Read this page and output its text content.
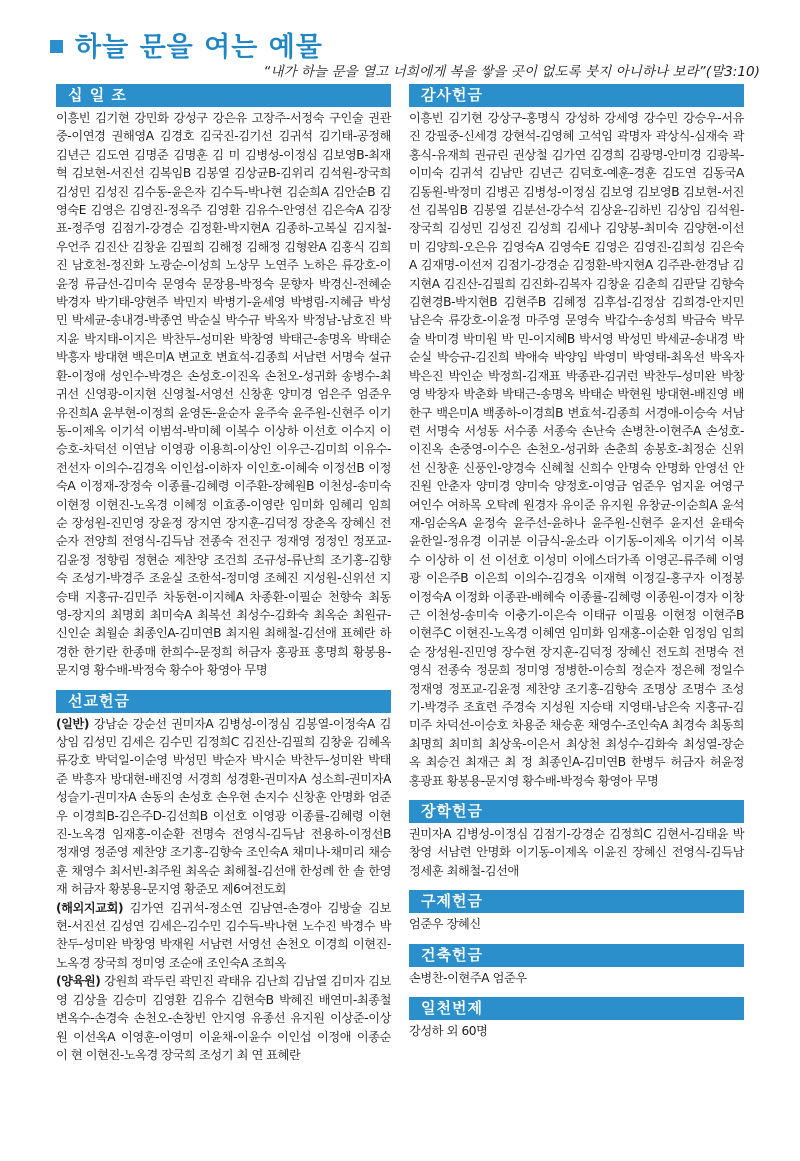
하늘 문을 여는 예물
“내가 하늘 문을 열고 너희에게 복을 쌓을 곳이 없도록 붓지 아니하나 보라”(말3:10)
십 일 조
이흥빈 김기현 강민화 강성구 강은유 고장주-서정숙 구인술 권관중-이연경 권해영A 김경호 김국진-김기선 김귀석 김기태-공정해 김년근 김도연 김명준 김명훈 김 미 김병성-이정심 김보영B-최재혁 김보현-서진선 김복임B 김봉열 김상균B-김위리 김석원-장국희 김성민 김성진 김수동-윤은자 김수득-박나현 김순희A 김안순B 김영숙E 김영은 김영진-정옥주 김영환 김유수-안영선 김은숙A 김장표-정주영 김점기-강경순 김정환-박지현A 김종하-고복실 김지철-우언주 김진산 김창윤 김필희 김해정 김해정 김형완A 김홍식 김희진 남호천-정진화 노광순-이성희 노상무 노연주 노하은 류강호-이윤정 류금선-김미숙 문영숙 문장용-박정숙 문향자 박경신-전혜순 박경자 박기태-양현주 박민지 박병기-윤세영 박병림-지혜금 박성민 박세균-송내경-박종연 박순실 박수규 박옥자 박정남-남호진 박지윤 박지태-이지은 박찬두-성미완 박창영 박태근-송명옥 박태순 박흥자 방대현 백은미A 변교호 변효석-김종희 서남련 서명숙 설규환-이정애 성인수-박경은 손성호-이진옥 손천오-성귀화 송병수-최귀선 신영광-이지현 신영철-서영선 신창훈 양미경 엄은주 엄준우 유진희A 윤부현-이정희 윤영돈-윤순자 윤주숙 윤주원-신현주 이기동-이제옥 이기석 이범석-박미혜 이복수 이상하 이선호 이수지 이승호-차덕선 이연남 이영광 이용희-이상인 이우근-김미희 이유수-전선자 이의수-김경옥 이인섭-이하자 이인호-이혜숙 이정선B 이정숙A 이정재-장정숙 이종률-김혜령 이주환-장혜원B 이천성-송미숙 이현정 이현진-노옥경 이혜정 이효종-이영란 임미화 임혜리 임희순 장성원-진민영 장윤정 장지연 장지훈-김덕정 장춘옥 장혜신 전순자 전양희 전영식-김득남 전종숙 전진구 정재영 정정인 정포교-김윤정 정향림 정현순 제찬양 조건희 조규성-류난희 조기홍-김향숙 조성기-박경주 조윤실 조한석-정미영 조혜진 지성원-신위선 지승태 지홍규-김민주 차동현-이지혜A 차종환-이필순 천향숙 최동영-장지의 최명회 최미숙A 최복선 최성수-김화숙 최옥순 최원규-신인순 최월순 최종인A-김미연B 최지원 최해철-김선애 표혜란 하경한 한기란 한종매 한희수-문정희 허금자 홍광표 홍명희 황봉용-문지영 황수배-박정숙 황수아 황영아 무명
선교헌금
(일반) 강남순 강순선 권미자A 김병성-이정심 김봉열-이정숙A 김상임 김성민 김세은 김수민 김정희C 김진산-김필희 김창윤 김혜옥 류강호 박덕일-이순영 박성민 박순자 박시순 박찬두-성미완 박태준 박흥자 방대현-배진영 서경희 성경환-권미자A 성소희-권미자A 성슬기-권미자A 손동의 손성호 손우현 손지수 신창훈 안명화 엄준우 이경희B-김은주D-김선희B 이선호 이영광 이종률-김혜령 이현진-노옥경 임재홍-이순환 전명숙 전영식-김득남 전용하-이정선B 정재영 정준영 제찬양 조기홍-김향숙 조인숙A 채미나-채미리 채승훈 채영수 최서빈-최주원 최옥순 최해철-김선애 한성례 한 솔 한영재 허금자 황봉용-문지영 황준모 제6여전도회
(해외지교회) 김가연 김귀석-정소연 김남연-손경아 김방술 김보현-서진선 김성연 김세은-김수민 김수득-박나현 노수진 박경수 박찬두-성미완 박창영 박재원 서남련 서영선 손천오 이경희 이현진-노옥경 장국희 정미영 조순애 조인숙A 조희옥
(양육원) 강원희 곽두린 곽민진 곽태유 김난희 김남열 김미자 김보영 김상율 김승미 김영환 김유수 김현숙B 박혜진 배연미-최종철 변옥수-손경숙 손천오-손창빈 안지영 유종선 유지원 이상준-이상원 이선옥A 이영훈-이영미 이윤채-이윤수 이인섭 이정애 이종순 이 현 이현진-노옥경 장국희 조성기 최 연 표혜란
감사헌금
이흥빈 김기현 강상구-홍명식 강성하 강세영 강수민 강승우-서유진 강필중-신세경 강현석-김영혜 고석임 곽명자 곽상식-심재숙 곽홍식-유재희 권규린 권상철 김가연 김경희 김광명-안미경 김광복-이미숙 김귀석 김남만 김년근 김덕호-예훈-경훈 김도연 김동국A 김동원-박정미 김병곤 김병성-이정심 김보영 김보영B 김보현-서진선 김복임B 김봉열 김분선-강수석 김상윤-김하빈 김상임 김석원-장국희 김성민 김성진 김성희 김세나 김양봉-최미숙 김양현-이선미 김양희-오은유 김영숙A 김영숙E 김영은 김영진-김희성 김은숙A 김재명-이선저 김점기-강경순 김정환-박지현A 김주관-한경남 김지현A 김진산-김필희 김진화-김복자 김창윤 김춘희 김판달 김향숙 김현경B-박지현B 김현주B 김혜정 김후섭-김정삼 김희경-안지민 남은숙 류강호-이윤정 마주영 문영숙 박갑수-송성희 박금숙 박무술 박미경 박미원 박 민-이지혜B 박서영 박성민 박세균-송내경 박순실 박승규-김진희 박애숙 박양임 박영미 박영태-최옥선 박옥자 박은진 박인순 박정희-김재표 박종관-김귀런 박찬두-성미완 박창영 박창자 박춘화 박태근-송명옥 박태순 박현원 방대현-배진영 배한구 백은미A 백종하-이경희B 변효석-김종희 서경애-이승숙 서남련 서명숙 서성동 서수종 서종숙 손난숙 손병찬-이현주A 손성호-이진옥 손중영-이수은 손천오-성귀화 손춘희 송봉호-최정순 신위선 신창훈 신풍인-양경숙 신혜철 신희수 안명숙 안명화 안영선 안진원 안춘자 양미경 양미숙 양정호-이영금 엄준우 엄지윤 여영구 여인수 여하목 오탁례 원경자 유이준 유지원 유창균-이순희A 윤석재-임순옥A 윤정숙 윤주선-윤하나 윤주원-신현주 윤지선 윤태숙 윤한일-정유경 이귀분 이금식-윤소라 이기동-이제옥 이기석 이복수 이상하 이 선 이선호 이성미 이에스더가족 이영곤-류주혜 이영광 이은주B 이은희 이의수-김경옥 이재혁 이정길-홍구자 이정봉 이정숙A 이정화 이종관-배혜숙 이종률-김혜령 이종원-이경자 이창근 이천성-송미숙 이충기-이은숙 이태규 이필용 이현정 이현주B 이현주C 이현진-노옥경 이혜연 임미화 임재홍-이순환 임정임 임희순 장성원-진민영 장수현 장지훈-김덕정 장혜신 전도희 전명숙 전영식 전종숙 정문희 정미영 정병한-이승희 정순자 정은혜 정일수 정재영 정포교-김윤정 제찬양 조기홍-김향숙 조명상 조명수 조성기-박경주 조효련 주경숙 지성원 지승태 지영태-남은숙 지홍규-김미주 차덕선-이승호 차용준 채승훈 채영수-조인숙A 최경숙 최동희 최명희 최미희 최상욱-이은서 최상천 최성수-김화숙 최성열-장순옥 최승건 최재근 최 정 최종인A-김미연B 한병두 허금자 허윤정 홍광표 황봉용-문지영 황수배-박정숙 황영아 무명
장학헌금
권미자A 김병성-이정심 김점기-강경순 김정희C 김현서-김태윤 박창영 서남련 안명화 이기동-이제옥 이윤진 장혜신 전영식-김득남 정세훈 최해철-김선애
구제헌금
엄준우 장혜신
건축헌금
손병찬-이현주A 엄준우
일천번제
강성하 외 60명
